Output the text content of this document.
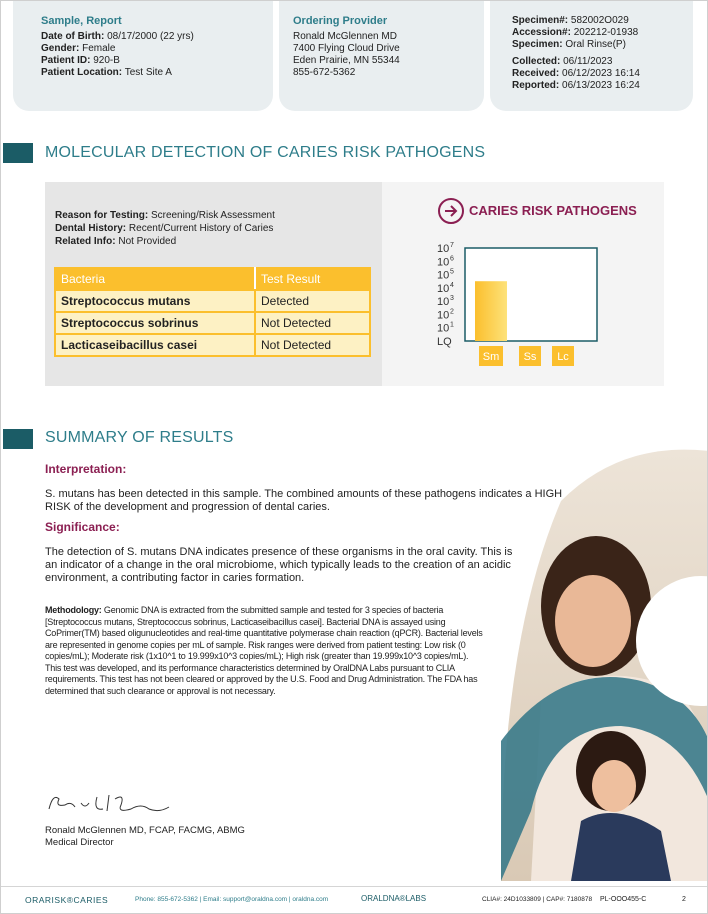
Sample, Report
Date of Birth: 08/17/2000 (22 yrs)
Gender: Female
Patient ID: 920-B
Patient Location: Test Site A
Ordering Provider
Ronald McGlennen MD
7400 Flying Cloud Drive
Eden Prairie, MN 55344
855-672-5362
Specimen#: 582002O029
Accession#: 202212-01938
Specimen: Oral Rinse(P)
Collected: 06/11/2023
Received: 06/12/2023 16:14
Reported: 06/13/2023 16:24
MOLECULAR DETECTION OF CARIES RISK PATHOGENS
Reason for Testing: Screening/Risk Assessment
Dental History: Recent/Current History of Caries
Related Info: Not Provided
Bacteria	Test Result
Streptococcus mutans	Detected
Streptococcus sobrinus	Not Detected
Lacticaseibacillus casei	Not Detected
CARIES RISK PATHOGENS
10 7
10 6
10 5
10 4
10 3
10 2
10 1
LQ
Sm Ss Lc
SUMMARY OF RESULTS
Interpretation:
S. mutans has been detected in this sample. The combined amounts of these pathogens indicates a HIGH RISK of the development and progression of dental caries.
Significance:
The detection of S. mutans DNA indicates presence of these organisms in the oral cavity. This is an indicator of a change in the oral microbiome, which typically leads to the creation of an acidic environment, a contributing factor in caries formation.
Methodology: Genomic DNA is extracted from the submitted sample and tested for 3 species of bacteria [Streptococcus mutans, Streptococcus sobrinus, Lacticaseibacillus casei]. Bacterial DNA is assayed using CoPrimer(TM) based oligunucleotides and real-time quantitative polymerase chain reaction (qPCR). Bacterial levels are represented in genome copies per mL of sample. Risk ranges were derived from patient testing: Low risk (0 copies/mL); Moderate risk (1x10^1 to 19.999x10^3 copies/mL); High risk (greater than 19.999x10^3 copies/mL). This test was developed, and its performance characteristics determined by OralDNA Labs pursuant to CLIA requirements. This test has not been cleared or approved by the U.S. Food and Drug Administration. The FDA has determined that such clearance or approval is not necessary.
Ronald McGlennen MD, FCAP, FACMG, ABMG
Medical Director
ORARISK®CARIES	Phone: 855-672-5362 | Email: support@oraldna.com | oraldna.com	ORALDNA®LABS	CLIA#: 24D1033809 | CAP#: 7180878 PL-OOO455-C	2
